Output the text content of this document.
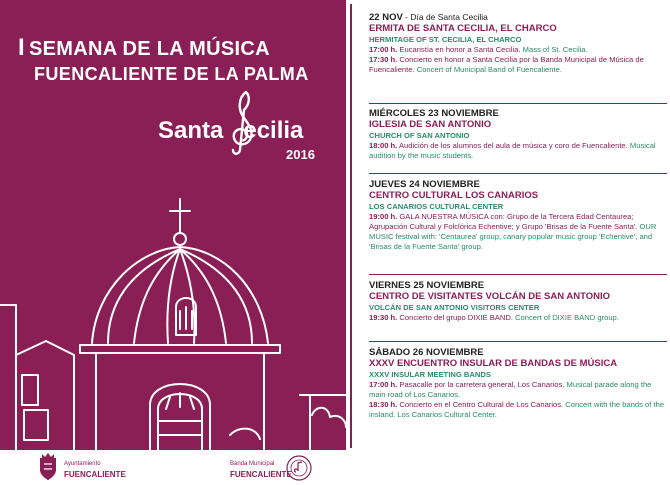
I SEMANA DE LA MÚSICA
FUENCALIENTE DE LA PALMA
Santa ecilia
2016
Ayuntamiento
FUENCALIENTE
Banda Municipal
FUENCALIENTE
22 NOV - Día de Santa Cecilia
ERMITA DE SANTA CECILIA, EL CHARCO
HERMITAGE OF ST. CECILIA, EL CHARCO
17:00 h. Eucaristía en honor a Santa Cecilia. Mass of St. Cecilia.
17:30 h. Concierto en honor a Santa Cecilia por la Banda Municipal de Música de Fuencaliente. Concert of Municipal Band of Fuencaliente.
MIÉRCOLES 23 NOVIEMBRE
IGLESIA DE SAN ANTONIO
CHURCH OF SAN ANTONIO
18:00 h. Audición de los alumnos del aula de música y coro de Fuencaliente. Musical audition by the music students.
JUEVES 24 NOVIEMBRE
CENTRO CULTURAL LOS CANARIOS
LOS CANARIOS CULTURAL CENTER
19:00 h. GALA NUESTRA MÚSICA con: Grupo de la Tercera Edad Centaurea; Agrupación Cultural y Folclórica Echentive; y Grupo 'Brisas de la Fuente Santa'. OUR MUSIC festival with: 'Centaurea' group; canary popular music group 'Echentive'; and 'Brisas de la Fuente Santa' group.
VIERNES 25 NOVIEMBRE
CENTRO DE VISITANTES VOLCÁN DE SAN ANTONIO
VOLCÁN DE SAN ANTONIO VISITORS CENTER
19:30 h. Concierto del grupo DIXIE BAND. Concert of DIXIE BAND group.
SÁBADO 26 NOVIEMBRE
XXXV ENCUENTRO INSULAR DE BANDAS DE MÚSICA
XXXV INSULAR MEETING BANDS
17:00 h. Pasacalle por la carretera general, Los Canarios. Musical parade along the main road of Los Canarios.
18:30 h. Concierto en el Centro Cultural de Los Canarios. Concert with the bands of the insland. Los Canarios Cultural Center.
